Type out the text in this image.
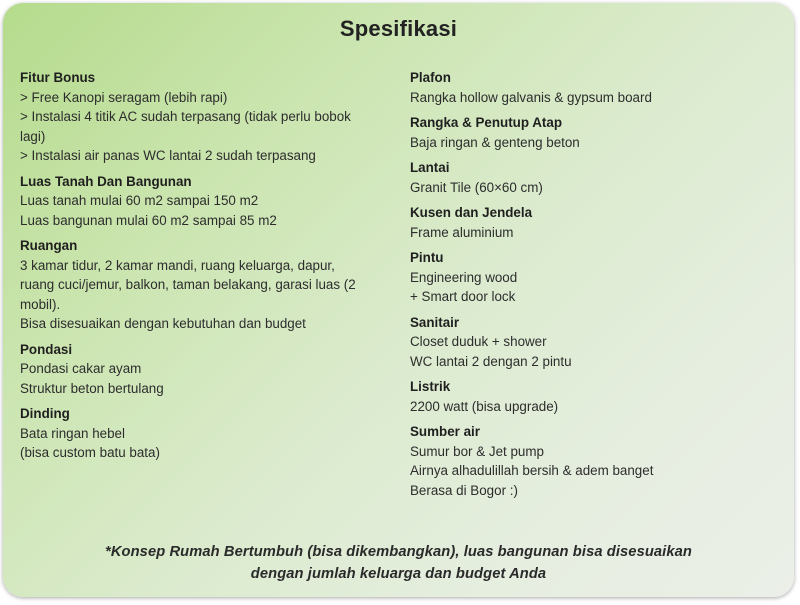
Spesifikasi
Fitur Bonus
> Free Kanopi seragam (lebih rapi)
> Instalasi 4 titik AC sudah terpasang (tidak perlu bobok
lagi)
> Instalasi air panas WC lantai 2 sudah terpasang
Luas Tanah Dan Bangunan
Luas tanah mulai 60 m2 sampai 150 m2
Luas bangunan mulai 60 m2 sampai 85 m2
Ruangan
3 kamar tidur, 2 kamar mandi, ruang keluarga, dapur,
ruang cuci/jemur, balkon, taman belakang, garasi luas (2
mobil).
Bisa disesuaikan dengan kebutuhan dan budget
Pondasi
Pondasi cakar ayam
Struktur beton bertulang
Dinding
Bata ringan hebel
(bisa custom batu bata)
Plafon
Rangka hollow galvanis & gypsum board
Rangka & Penutup Atap
Baja ringan & genteng beton
Lantai
Granit Tile (60×60 cm)
Kusen dan Jendela
Frame aluminium
Pintu
Engineering wood
+ Smart door lock
Sanitair
Closet duduk + shower
WC lantai 2 dengan 2 pintu
Listrik
2200 watt (bisa upgrade)
Sumber air
Sumur bor & Jet pump
Airnya alhadulillah bersih & adem banget
Berasa di Bogor :)
*Konsep Rumah Bertumbuh (bisa dikembangkan), luas bangunan bisa disesuaikan
dengan jumlah keluarga dan budget Anda
